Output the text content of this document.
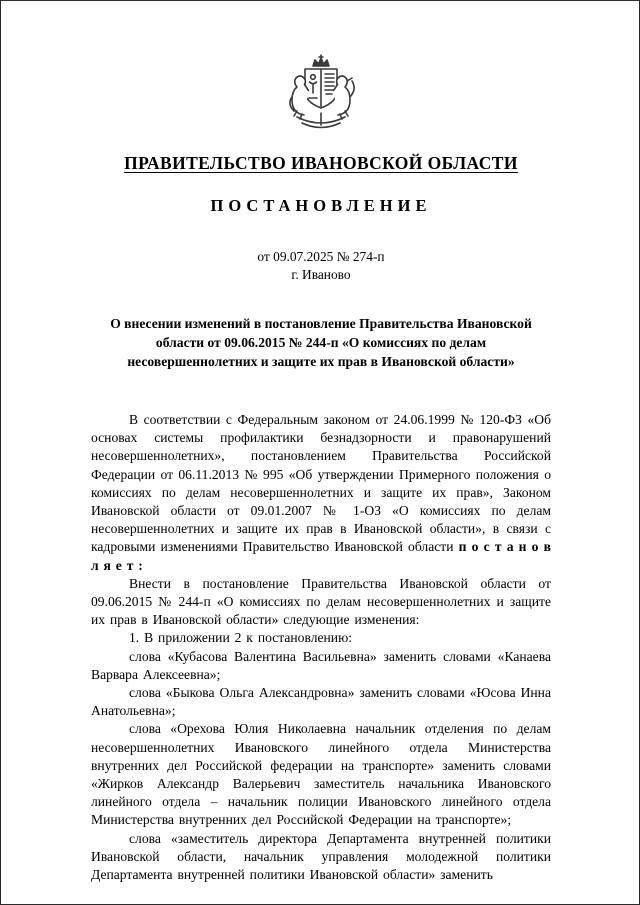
ПРАВИТЕЛЬСТВО ИВАНОВСКОЙ ОБЛАСТИ
ПОСТАНОВЛЕНИЕ
от 09.07.2025 № 274-п
г. Иваново
О внесении изменений в постановление Правительства Ивановской области от 09.06.2015 № 244-п «О комиссиях по делам несовершеннолетних и защите их прав в Ивановской области»

В соответствии с Федеральным законом от 24.06.1999 № 120-ФЗ «Об основах системы профилактики безнадзорности и правонарушений несовершеннолетних», постановлением Правительства Российской Федерации от 06.11.2013 № 995 «Об утверждении Примерного положения о комиссиях по делам несовершеннолетних и защите их прав», Законом Ивановской области от 09.01.2007 № 1-ОЗ «О комиссиях по делам несовершеннолетних и защите их прав в Ивановской области», в связи с кадровыми изменениями Правительство Ивановской области п о с т а н о в л я е т :

Внести в постановление Правительства Ивановской области от 09.06.2015 № 244-п «О комиссиях по делам несовершеннолетних и защите их прав в Ивановской области» следующие изменения:

1. В приложении 2 к постановлению:

слова «Кубасова Валентина Васильевна» заменить словами «Канаева Варвара Алексеевна»;

слова «Быкова Ольга Александровна» заменить словами «Юсова Инна Анатольевна»;

слова «Орехова Юлия Николаевна начальник отделения по делам несовершеннолетних Ивановского линейного отдела Министерства внутренних дел Российской федерации на транспорте» заменить словами «Жирков Александр Валерьевич заместитель начальника Ивановского линейного отдела – начальник полиции Ивановского линейного отдела Министерства внутренних дел Российской Федерации на транспорте»;

слова «заместитель директора Департамента внутренней политики Ивановской области, начальник управления молодежной политики Департамента внутренней политики Ивановской области» заменить
